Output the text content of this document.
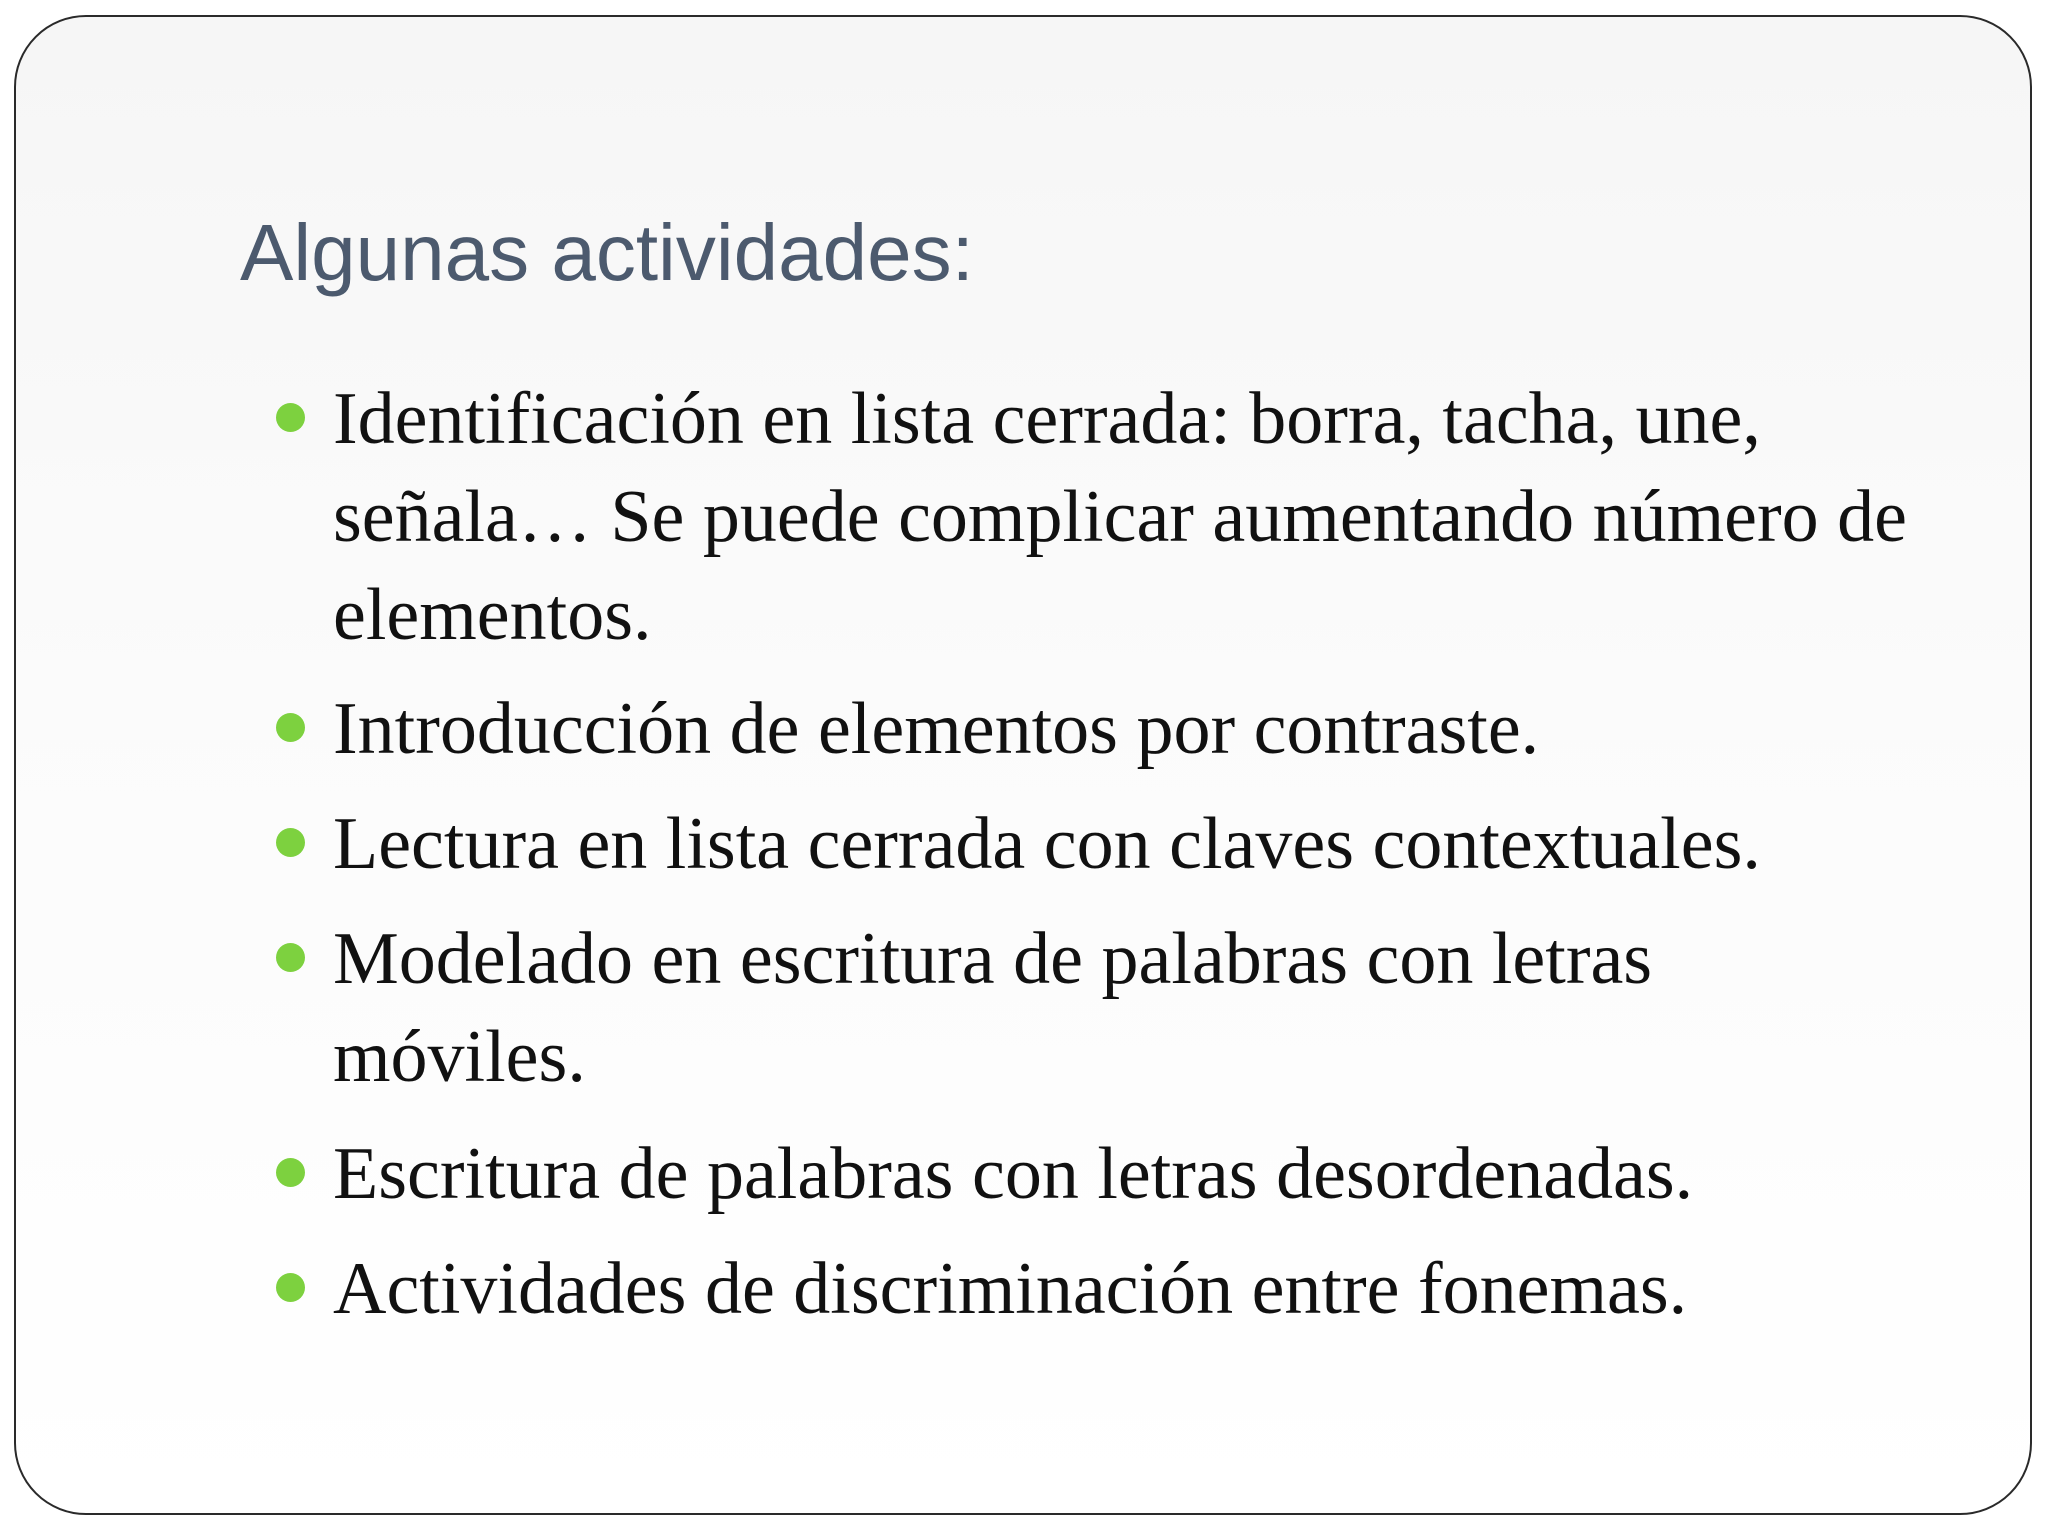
Algunas actividades:
Identificación en lista cerrada: borra, tacha, une, señala… Se puede complicar aumentando número de elementos.
Introducción de elementos por contraste.
Lectura en lista cerrada con claves contextuales.
Modelado en escritura de palabras con letras móviles.
Escritura de palabras con letras desordenadas.
Actividades de discriminación entre fonemas.
